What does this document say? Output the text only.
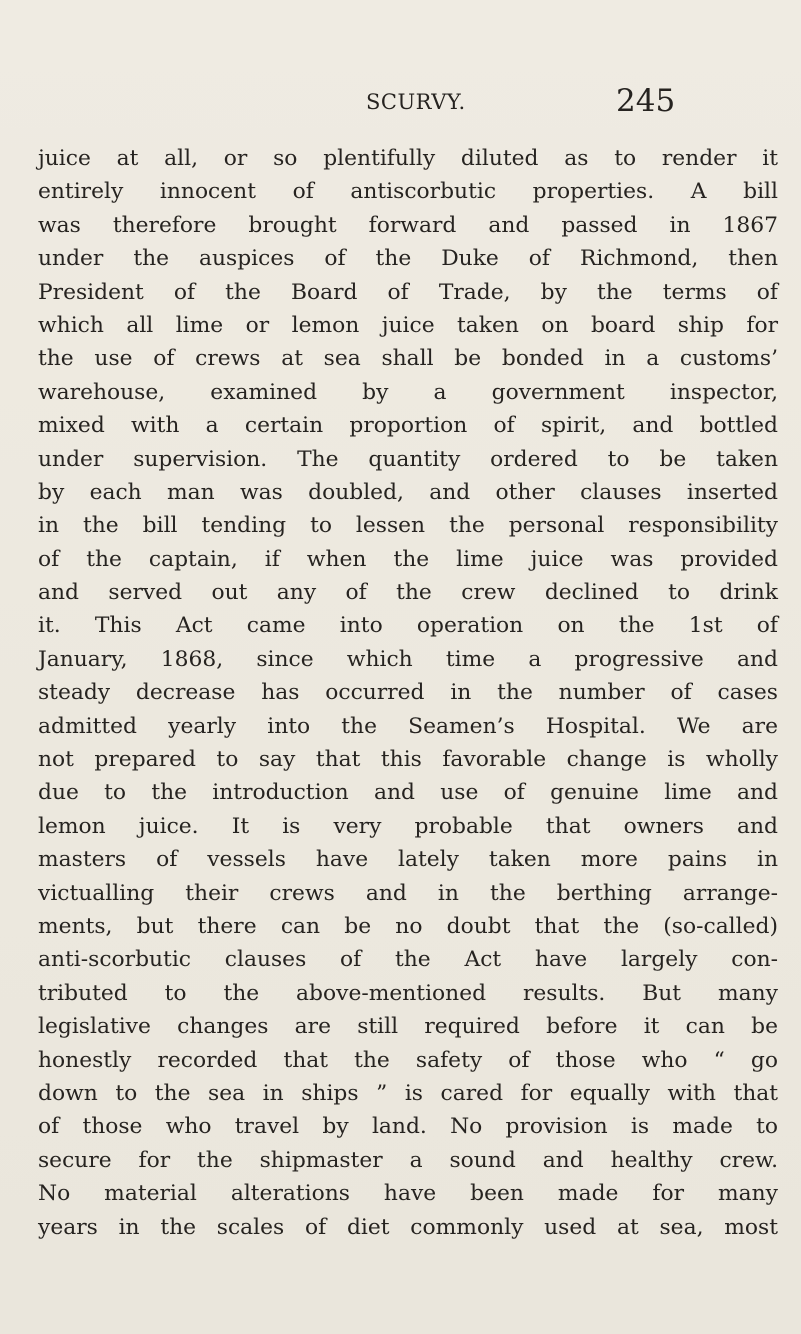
SCURVY.	245
juice at all, or so plentifully diluted as to render it
entirely innocent of antiscorbutic properties. A bill
was therefore brought forward and passed in 1867
under the auspices of the Duke of Richmond, then
President of the Board of Trade, by the terms of
which all lime or lemon juice taken on board ship for
the use of crews at sea shall be bonded in a customs’
warehouse, examined by a government inspector,
mixed with a certain proportion of spirit, and bottled
under supervision. The quantity ordered to be taken
by each man was doubled, and other clauses inserted
in the bill tending to lessen the personal responsibility
of the captain, if when the lime juice was provided
and served out any of the crew declined to drink
it. This Act came into operation on the 1st of
January, 1868, since which time a progressive and
steady decrease has occurred in the number of cases
admitted yearly into the Seamen’s Hospital. We are
not prepared to say that this favorable change is wholly
due to the introduction and use of genuine lime and
lemon juice. It is very probable that owners and
masters of vessels have lately taken more pains in
victualling their crews and in the berthing arrange-
ments, but there can be no doubt that the (so-called)
anti-scorbutic clauses of the Act have largely con-
tributed to the above-mentioned results. But many
legislative changes are still required before it can be
honestly recorded that the safety of those who “ go
down to the sea in ships ” is cared for equally with that
of those who travel by land. No provision is made to
secure for the shipmaster a sound and healthy crew.
No material alterations have been made for many
years in the scales of diet commonly used at sea, most
